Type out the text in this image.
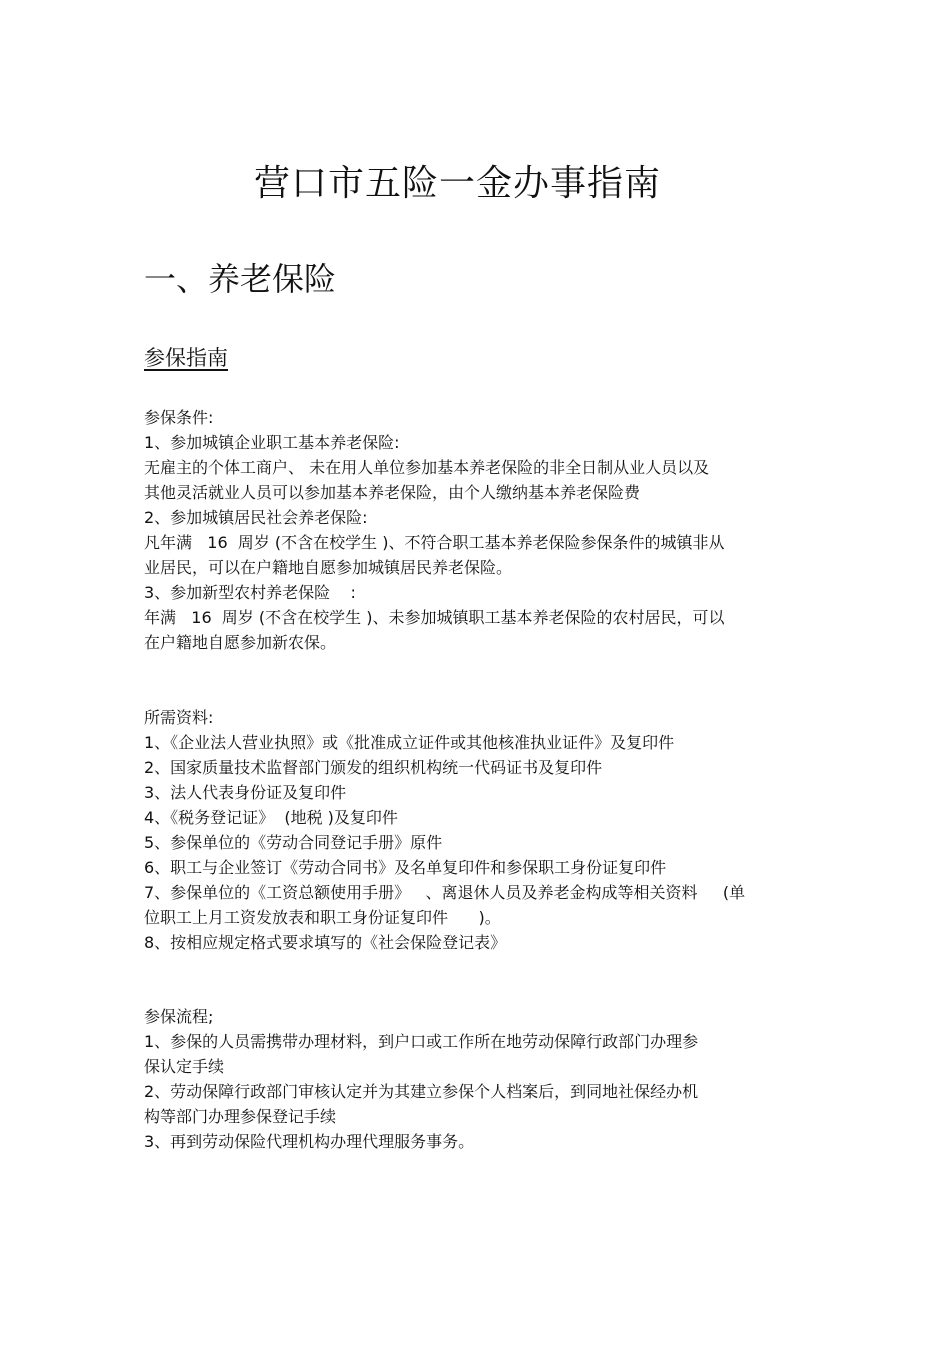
营口市五险一金办事指南
一、养老保险
参保指南
参保条件:
1、参加城镇企业职工基本养老保险:
无雇主的个体工商户、 未在用人单位参加基本养老保险的非全日制从业人员以及
其他灵活就业人员可以参加基本养老保险，由个人缴纳基本养老保险费
2、参加城镇居民社会养老保险:
凡年满   16  周岁 (不含在校学生 )、不符合职工基本养老保险参保条件的城镇非从
业居民，可以在户籍地自愿参加城镇居民养老保险。
3、参加新型农村养老保险    :
年满   16  周岁 (不含在校学生 )、未参加城镇职工基本养老保险的农村居民，可以
在户籍地自愿参加新农保。
所需资料:
1、《企业法人营业执照》或《批准成立证件或其他核准执业证件》及复印件
2、国家质量技术监督部门颁发的组织机构统一代码证书及复印件
3、法人代表身份证及复印件
4、《税务登记证》  (地税 )及复印件
5、参保单位的《劳动合同登记手册》原件
6、职工与企业签订《劳动合同书》及名单复印件和参保职工身份证复印件
7、参保单位的《工资总额使用手册》   、离退休人员及养老金构成等相关资料     (单
位职工上月工资发放表和职工身份证复印件      )。
8、按相应规定格式要求填写的《社会保险登记表》
参保流程;
1、参保的人员需携带办理材料，到户口或工作所在地劳动保障行政部门办理参
保认定手续
2、劳动保障行政部门审核认定并为其建立参保个人档案后，到同地社保经办机
构等部门办理参保登记手续
3、再到劳动保险代理机构办理代理服务事务。
